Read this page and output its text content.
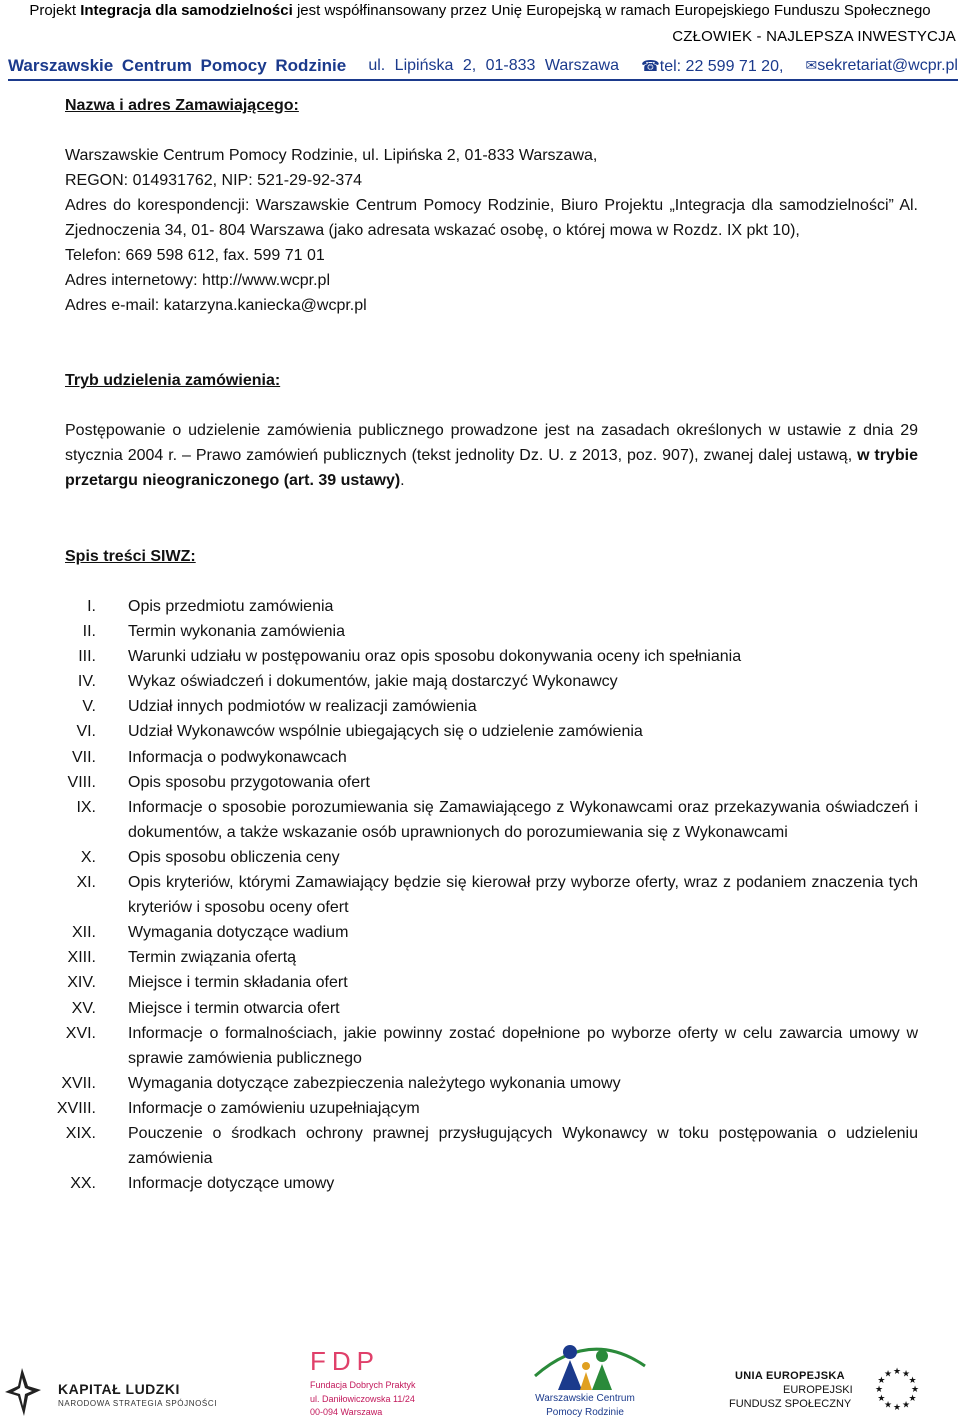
Projekt Integracja dla samodzielności jest współfinansowany przez Unię Europejską w ramach Europejskiego Funduszu Społecznego
CZŁOWIEK - NAJLEPSZA INWESTYCJA
Warszawskie Centrum Pomocy Rodzinie ul. Lipińska 2, 01-833 Warszawa ☎tel: 22 599 71 20, ✉sekretariat@wcpr.pl
Nazwa i adres Zamawiającego:
Warszawskie Centrum Pomocy Rodzinie, ul. Lipińska 2, 01-833 Warszawa,
REGON: 014931762, NIP: 521-29-92-374
Adres do korespondencji: Warszawskie Centrum Pomocy Rodzinie, Biuro Projektu „Integracja dla samodzielności” Al. Zjednoczenia 34, 01- 804 Warszawa (jako adresata wskazać osobę, o której mowa w Rozdz. IX pkt 10),
Telefon: 669 598 612, fax. 599 71 01
Adres internetowy: http://www.wcpr.pl
Adres e-mail: katarzyna.kaniecka@wcpr.pl
Tryb udzielenia zamówienia:
Postępowanie o udzielenie zamówienia publicznego prowadzone jest na zasadach określonych w ustawie z dnia 29 stycznia 2004 r. – Prawo zamówień publicznych (tekst jednolity Dz. U. z 2013, poz. 907), zwanej dalej ustawą, w trybie przetargu nieograniczonego (art. 39 ustawy).
Spis treści SIWZ:
I. Opis przedmiotu zamówienia
II. Termin wykonania zamówienia
III. Warunki udziału w postępowaniu oraz opis sposobu dokonywania oceny ich spełniania
IV. Wykaz oświadczeń i dokumentów, jakie mają dostarczyć Wykonawcy
V. Udział innych podmiotów w realizacji zamówienia
VI. Udział Wykonawców wspólnie ubiegających się o udzielenie zamówienia
VII. Informacja o podwykonawcach
VIII. Opis sposobu przygotowania ofert
IX. Informacje o sposobie porozumiewania się Zamawiającego z Wykonawcami oraz przekazywania oświadczeń i dokumentów, a także wskazanie osób uprawnionych do porozumiewania się z Wykonawcami
X. Opis sposobu obliczenia ceny
XI. Opis kryteriów, którymi Zamawiający będzie się kierował przy wyborze oferty, wraz z podaniem znaczenia tych kryteriów i sposobu oceny ofert
XII. Wymagania dotyczące wadium
XIII. Termin związania ofertą
XIV. Miejsce i termin składania ofert
XV. Miejsce i termin otwarcia ofert
XVI. Informacje o formalnościach, jakie powinny zostać dopełnione po wyborze oferty w celu zawarcia umowy w sprawie zamówienia publicznego
XVII. Wymagania dotyczące zabezpieczenia należytego wykonania umowy
XVIII. Informacje o zamówieniu uzupełniającym
XIX. Pouczenie o środkach ochrony prawnej przysługujących Wykonawcy w toku postępowania o udzieleniu zamówienia
XX. Informacje dotyczące umowy
KAPITAŁ LUDZKI
NARODOWA STRATEGIA SPÓJNOŚCI
FDP
Fundacja Dobrych Praktyk
ul. Daniłowiczowska 11/24
00-094 Warszawa
Warszawskie Centrum
Pomocy Rodzinie
UNIA EUROPEJSKA
EUROPEJSKI
FUNDUSZ SPOŁECZNY
★
★
★
★
★
★
★
★
★ ★ ★
★
